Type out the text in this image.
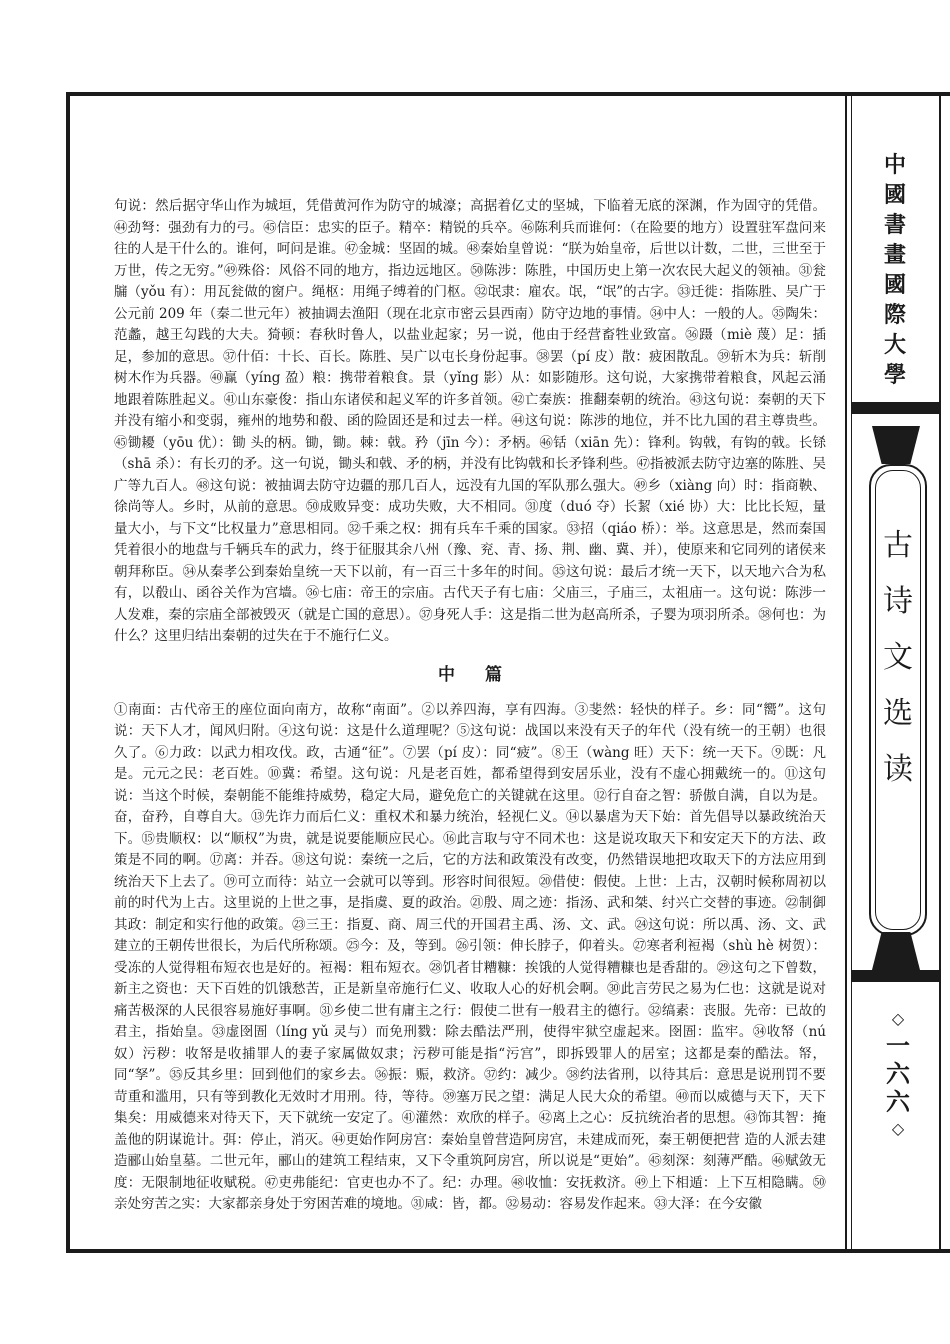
中
國
書
畫
國
際
大
學
古
诗
文
选
读
◇
一
六
六
◇

句说：然后据守华山作为城垣，凭借黄河作为防守的城濠；高据着亿丈的坚城，下临着无底的深渊，作为固守的凭借。㊹劲弩：强劲有力的弓。㊺信臣：忠实的臣子。精卒：精锐的兵卒。㊻陈利兵而谁何：（在险要的地方）设置驻军盘问来往的人是干什么的。谁何，呵问是谁。㊼金城：坚固的城。㊽秦始皇曾说：“朕为始皇帝，后世以计数，二世，三世至于万世，传之无穷。”㊾殊俗：风俗不同的地方，指边远地区。㊿陈涉：陈胜，中国历史上第一次农民大起义的领袖。㉛瓮牖（yǒu 有）：用瓦瓮做的窗户。绳枢：用绳子缚着的门枢。㉜氓隶：雇农。氓，“氓”的古字。㉝迁徙：指陈胜、吴广于公元前 209 年（秦二世元年）被抽调去渔阳（现在北京市密云县西南）防守边地的事情。㉞中人：一般的人。㉟陶朱：范蠡，越王勾践的大夫。猗顿：春秋时鲁人，以盐业起家；另一说，他由于经营畜牲业致富。㊱蹑（miè 蔑）足：插足，参加的意思。㊲什佰：十长、百长。陈胜、吴广以屯长身份起事。㊳罢（pí 皮）散：疲困散乱。㊴斩木为兵：斩削树木作为兵器。㊵赢（yíng 盈）粮：携带着粮食。景（yǐng 影）从：如影随形。这句说，大家携带着粮食，风起云涌地跟着陈胜起义。㊶山东豪俊：指山东诸侯和起义军的许多首领。㊷亡秦族：推翻秦朝的统治。㊸这句说：秦朝的天下并没有缩小和变弱，雍州的地势和殽、函的险固还是和过去一样。㊹这句说：陈涉的地位，并不比九国的君主尊贵些。㊺锄耰（yōu 优）：锄 头的柄。锄，锄。棘：戟。矜（jīn 今）：矛柄。㊻铦（xiān 先）：锋利。钩戟，有钩的戟。长铩（shā 杀）：有长刃的矛。这一句说，锄头和戟、矛的柄，并没有比钩戟和长矛锋利些。㊼指被派去防守边塞的陈胜、吴广等九百人。㊽这句说：被抽调去防守边疆的那几百人，远没有九国的军队那么强大。㊾乡（xiàng 向）时：指商鞅、徐尚等人。乡时，从前的意思。㊿成败异变：成功失败，大不相同。㉛度（duó 夺）长絜（xié 协）大：比比长短，量量大小，与下文“比权量力”意思相同。㉜千乘之权：拥有兵车千乘的国家。㉝招（qiáo 桥）：举。这意思是，然而秦国凭着很小的地盘与千辆兵车的武力，终于征服其余八州（豫、兖、青、扬、荆、幽、冀、并），使原来和它同列的诸侯来朝拜称臣。㉞从秦孝公到秦始皇统一天下以前，有一百三十多年的时间。㉟这句说：最后才统一天下，以天地六合为私有，以殽山、函谷关作为宫墙。㊱七庙：帝王的宗庙。古代天子有七庙：父庙三，子庙三，太祖庙一。这句说：陈涉一人发难，秦的宗庙全部被毁灭（就是亡国的意思）。㊲身死人手：这是指二世为赵高所杀，子婴为项羽所杀。㊳何也：为什么？这里归结出秦朝的过失在于不施行仁义。

中篇

①南面：古代帝王的座位面向南方，故称“南面”。②以养四海，享有四海。③斐然：轻快的样子。乡：同“嚮”。这句说：天下人才，闻风归附。④这句说：这是什么道理呢？⑤这句说：战国以来没有天子的年代（没有统一的王朝）也很久了。⑥力政：以武力相攻伐。政，古通“征”。⑦罢（pí 皮）：同“疲”。⑧王（wàng 旺）天下：统一天下。⑨既：凡是。元元之民：老百姓。⑩冀：希望。这句说：凡是老百姓，都希望得到安居乐业，没有不虚心拥戴统一的。⑪这句说：当这个时候，秦朝能不能维持威势，稳定大局，避免危亡的关键就在这里。⑫行自奋之智：骄傲自满，自以为是。奋，奋矜，自尊自大。⑬先诈力而后仁义：重权术和暴力统治，轻视仁义。⑭以暴虐为天下始：首先倡导以暴政统治天下。⑮贵顺权：以“顺权”为贵，就是说要能顺应民心。⑯此言取与守不同术也：这是说攻取天下和安定天下的方法、政策是不同的啊。⑰离：并吞。⑱这句说：秦统一之后，它的方法和政策没有改变，仍然错误地把攻取天下的方法应用到统治天下上去了。⑲可立而待：站立一会就可以等到。形容时间很短。⑳借使：假使。上世：上古，汉朝时候称周初以前的时代为上古。这里说的上世之事，是指虞、夏的政治。㉑殷、周之迹：指汤、武和桀、纣兴亡交替的事迹。㉒制御其政：制定和实行他的政策。㉓三王：指夏、商、周三代的开国君主禹、汤、文、武。㉔这句说：所以禹、汤、文、武建立的王朝传世很长，为后代所称颂。㉕今：及，等到。㉖引领：伸长脖子，仰着头。㉗寒者利裋褐（shù hè 树贺）：受冻的人觉得粗布短衣也是好的。裋褐：粗布短衣。㉘饥者甘糟糠：挨饿的人觉得糟糠也是香甜的。㉙这句之下曾数，新主之资也：天下百姓的饥饿愁苦，正是新皇帝施行仁义、收取人心的好机会啊。㉚此言劳民之易为仁也：这就是说对痛苦极深的人民很容易施好事啊。㉛乡使二世有庸主之行：假使二世有一般君主的德行。㉜缟素：丧服。先帝：已故的君主，指始皇。㉝虚囹圄（líng yǔ 灵与）而免刑戮：除去酷法严刑，使得牢狱空虚起来。囹圄：监牢。㉞收帑（nú 奴）污秽：收帑是收捕罪人的妻子家属做奴隶；污秽可能是指“污宫”，即拆毁罪人的居室；这都是秦的酷法。帑，同“孥”。㉟反其乡里：回到他们的家乡去。㊱振：赈，救济。㊲约：减少。㊳约法省刑，以待其后：意思是说刑罚不要苛重和滥用，只有等到教化无效时才用刑。待，等待。㊴塞万民之望：满足人民大众的希望。㊵而以威德与天下，天下集矣：用威德来对待天下，天下就统一安定了。㊶灌然：欢欣的样子。㊷离上之心：反抗统治者的思想。㊸饰其智：掩盖他的阴谋诡计。弭：停止，消灭。㊹更始作阿房宫：秦始皇曾营造阿房宫，未建成而死，秦王朝便把营 造的人派去建造郦山始皇墓。二世元年，郦山的建筑工程结束，又下令重筑阿房宫，所以说是“更始”。㊺刻深：刻薄严酷。㊻赋敛无度：无限制地征收赋税。㊼吏弗能纪：官吏也办不了。纪：办理。㊽收恤：安抚救济。㊾上下相遁：上下互相隐瞒。㊿亲处穷苦之实：大家都亲身处于穷困苦难的境地。㉛咸：皆，都。㉜易动：容易发作起来。㉝大泽：在今安徽
